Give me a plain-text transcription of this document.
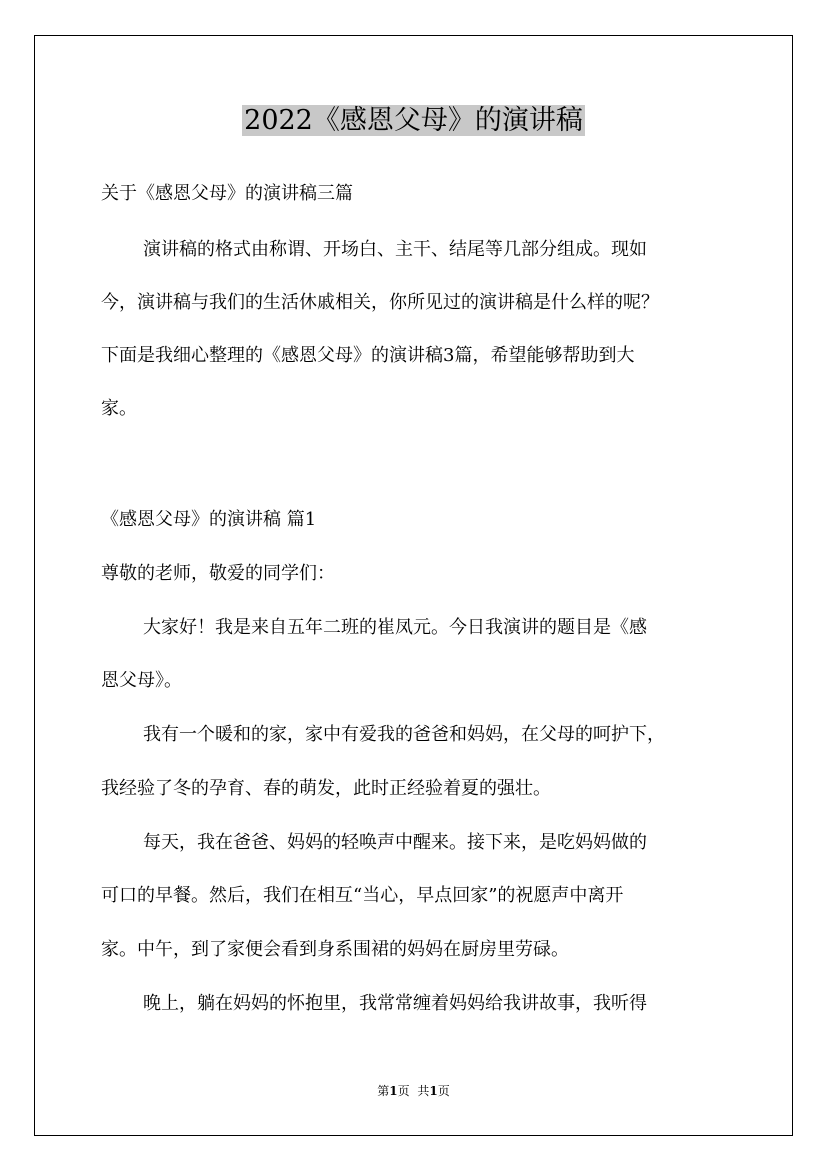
2022《感恩父母》的演讲稿

关于《感恩父母》的演讲稿三篇

演讲稿的格式由称谓、开场白、主干、结尾等几部分组成。现如

今，演讲稿与我们的生活休戚相关，你所见过的演讲稿是什么样的呢？

下面是我细心整理的《感恩父母》的演讲稿3篇，希望能够帮助到大

家。

《感恩父母》的演讲稿 篇1

尊敬的老师，敬爱的同学们：

大家好！我是来自五年二班的崔凤元。今日我演讲的题目是《感

恩父母》。

我有一个暖和的家，家中有爱我的爸爸和妈妈，在父母的呵护下，

我经验了冬的孕育、春的萌发，此时正经验着夏的强壮。

每天，我在爸爸、妈妈的轻唤声中醒来。接下来，是吃妈妈做的

可口的早餐。然后，我们在相互“当心，早点回家”的祝愿声中离开

家。中午，到了家便会看到身系围裙的妈妈在厨房里劳碌。

晚上，躺在妈妈的怀抱里，我常常缠着妈妈给我讲故事，我听得

第1页 共1页
